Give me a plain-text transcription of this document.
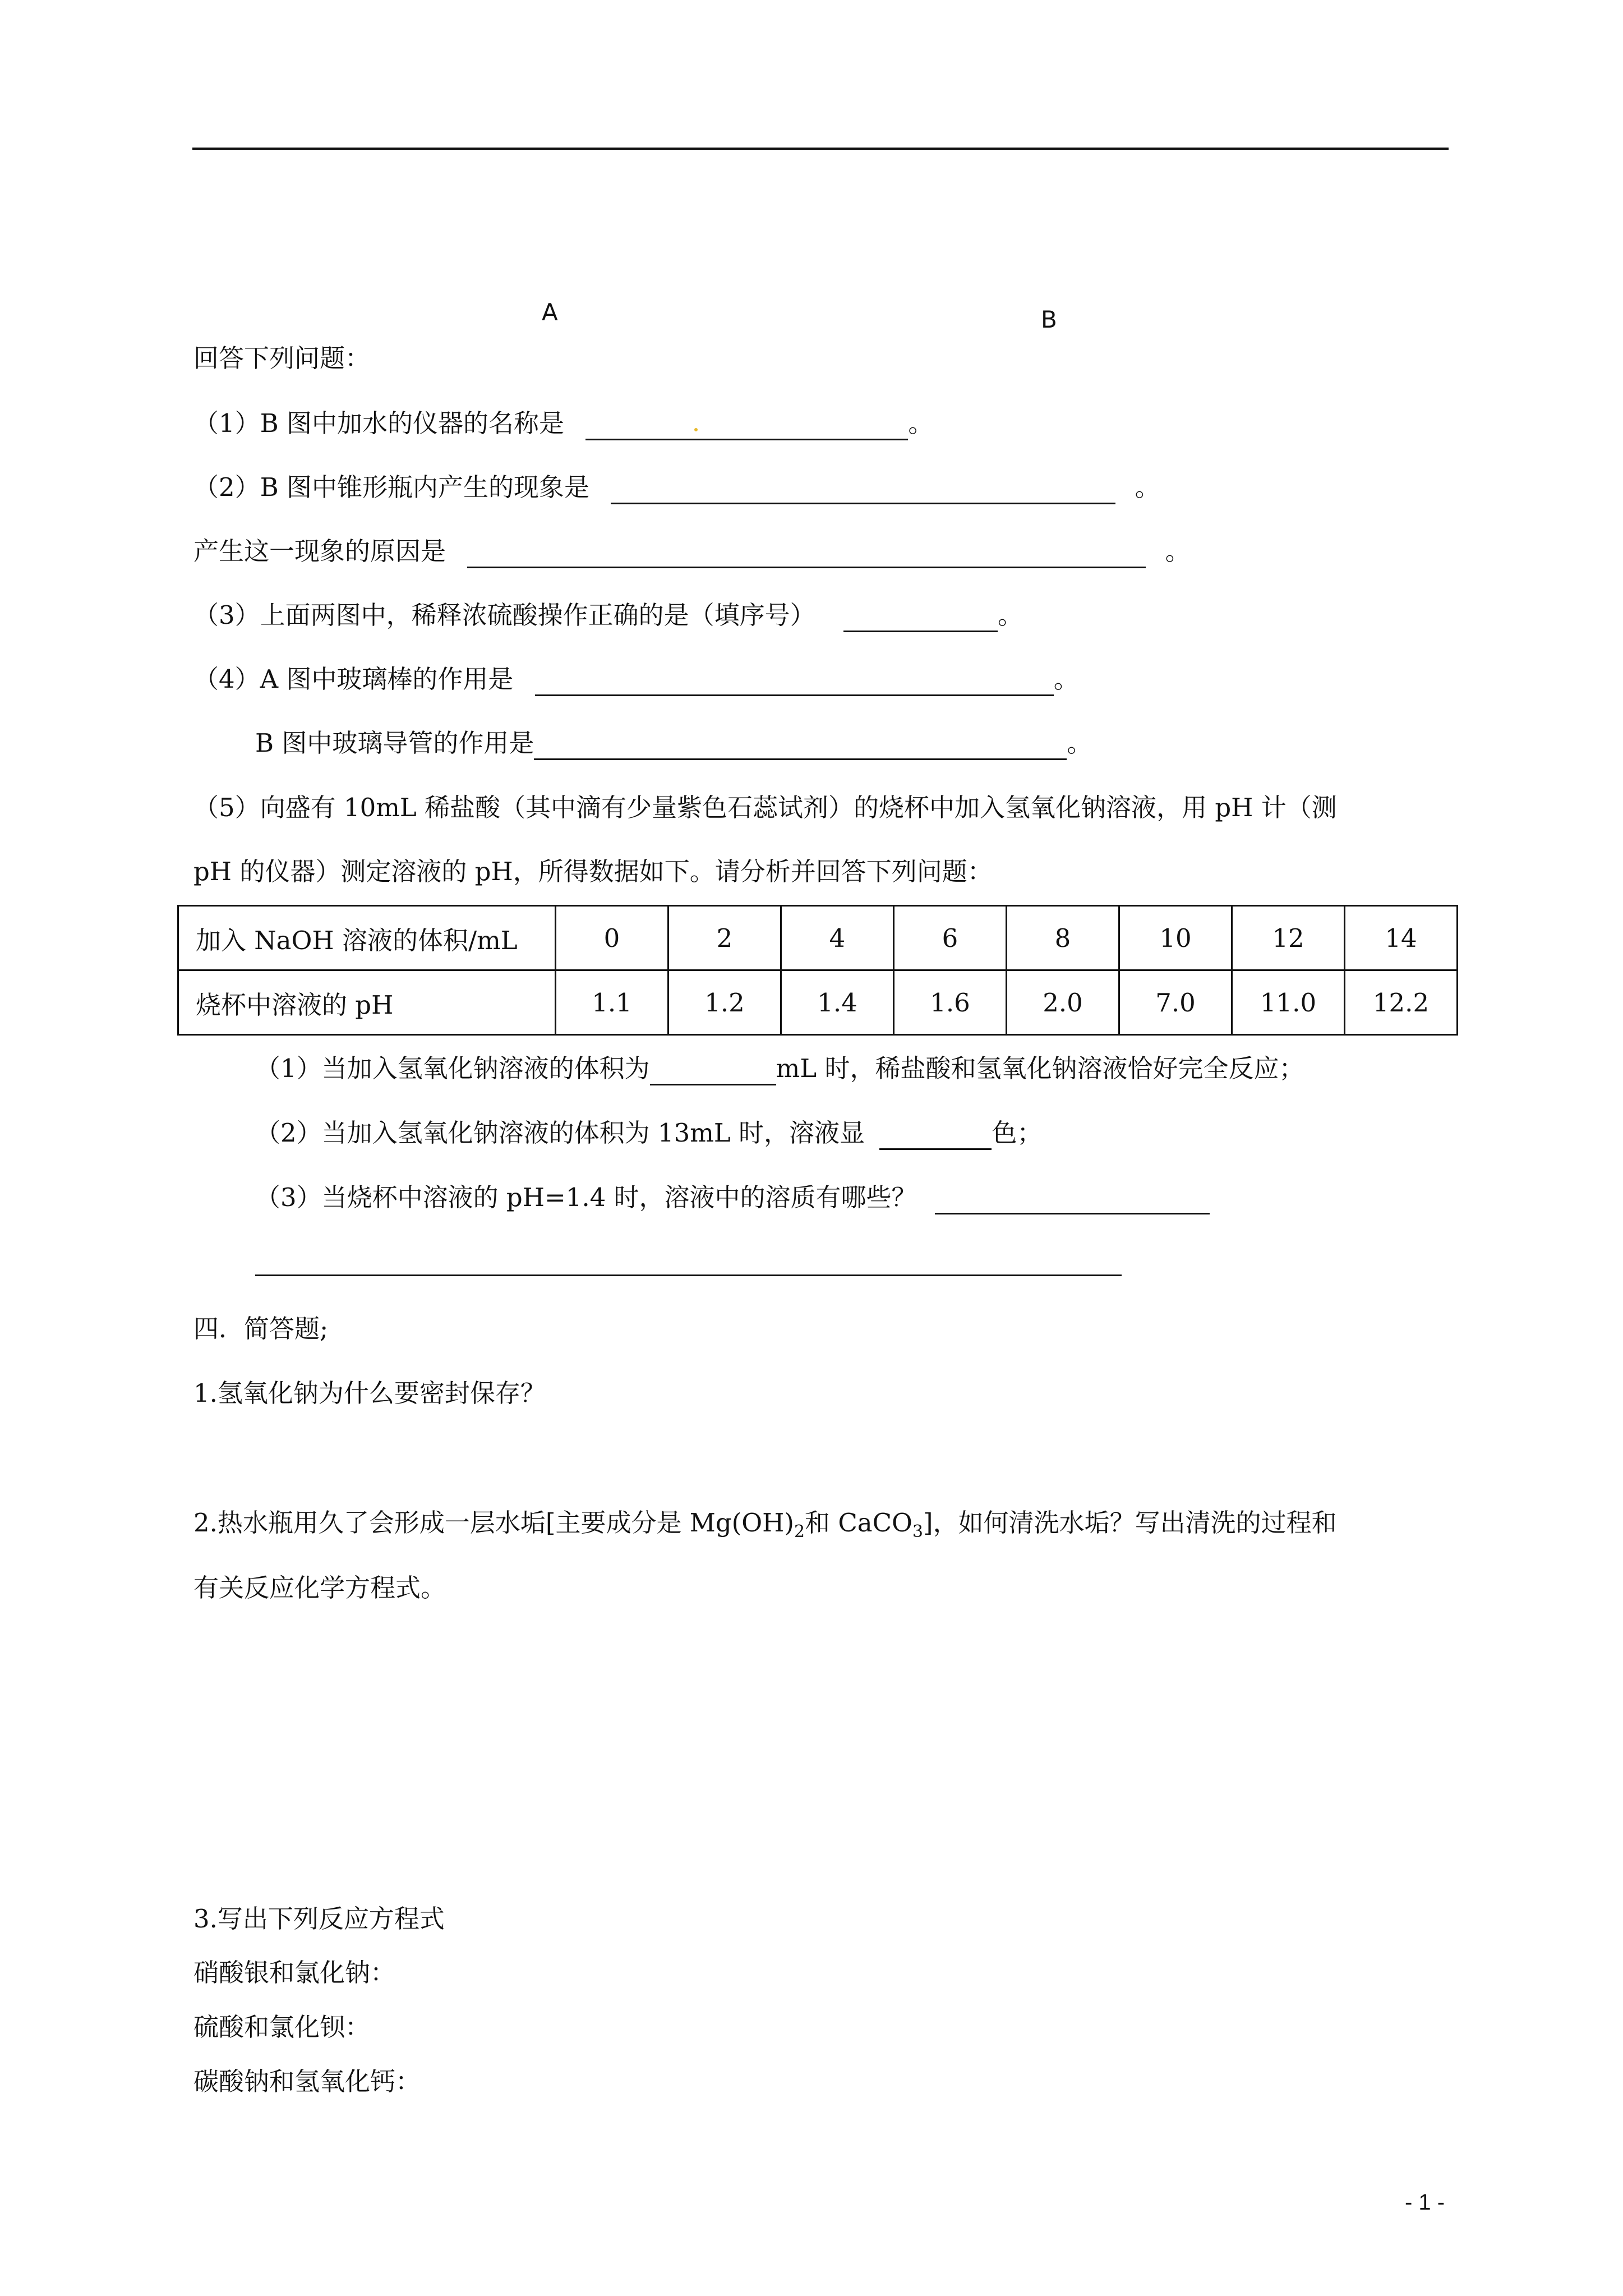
A	B
回答下列问题：
（1）B 图中加水的仪器的名称是	。
（2）B 图中锥形瓶内产生的现象是	。
产生这一现象的原因是	。
（3）上面两图中，稀释浓硫酸操作正确的是（填序号）	。
（4）A 图中玻璃棒的作用是	。
B 图中玻璃导管的作用是	。
（5）向盛有 10mL 稀盐酸（其中滴有少量紫色石蕊试剂）的烧杯中加入氢氧化钠溶液，用 pH 计（测
pH 的仪器）测定溶液的 pH，所得数据如下。请分析并回答下列问题：
加入 NaOH 溶液的体积/mL	0	2	4	6	8	10	12	14
烧杯中溶液的 pH	1.1	1.2	1.4	1.6	2.0	7.0	11.0	12.2
（1）当加入氢氧化钠溶液的体积为	mL 时，稀盐酸和氢氧化钠溶液恰好完全反应；
（2）当加入氢氧化钠溶液的体积为 13mL 时，溶液显	色；
（3）当烧杯中溶液的 pH=1.4 时，溶液中的溶质有哪些？
四．简答题;
1.氢氧化钠为什么要密封保存？
2.热水瓶用久了会形成一层水垢[主要成分是 $Mg(OH)_2$和 CaCO$_3$]，如何清洗水垢？写出清洗的过程和
有关反应化学方程式。
3.写出下列反应方程式
硝酸银和氯化钠：
硫酸和氯化钡：
碳酸钠和氢氧化钙：
- 1 -
